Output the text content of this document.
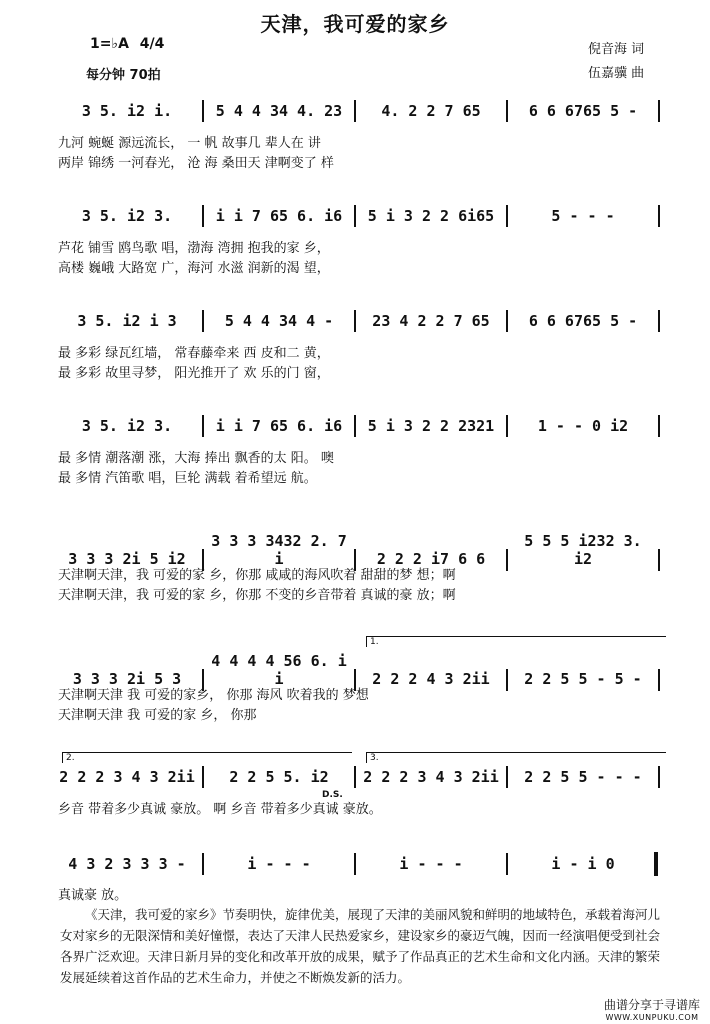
天津，我可爱的家乡
1=♭A 4/4
每分钟 70拍
倪音海 词
伍嘉骥 曲
3 5. i2 i.	5 4 4 34 4. 23	4. 2 2 7 65	6 6 6765 5 -
九河 蜿蜒 源远流长， 一 帆 故事几 辈人在 讲
两岸 锦绣 一河春光， 沧 海 桑田天 津啊变了 样
3 5. i2 3.	i i 7 65 6. i6 5 i 3 2 2 6i65	5 - - -
芦花 铺雪 鸥鸟歌 唱，渤海 湾拥 抱我的家 乡，
高楼 巍峨 大路宽 广，海河 水滋 润新的渴 望，
3 5. i2 i 3	5 4 4 34 4 -	23 4 2 2 7 65	6 6 6765 5 -
最 多彩 绿瓦红墙， 常春藤牵来 西 皮和二 黄，
最 多彩 故里寻梦， 阳光推开了 欢 乐的门 窗，
3 5. i2 3.	i i 7 65 6. i6 5 i 3 2 2 2321	1 - - 0 i2
最 多情 潮落潮 涨，大海 捧出 飘香的太 阳。 噢
最 多情 汽笛歌 唱，巨轮 满载 着希望远 航。
3 3 3 2i 5 i23 3 3 3432 2. 7 i	2 2 2 i7 6 65 5 5 i232 3. i2
天津啊天津，我 可爱的家 乡，你那 咸咸的海风吹着 甜甜的梦 想；啊
天津啊天津，我 可爱的家 乡，你那 不变的乡音带着 真诚的豪 放；啊
3 3 3 2i 5 34 4 4 4 56 6. i i	2 2 2 4 3 2ii 2 2 5 5 - 5 -
天津啊天津 我 可爱的家乡， 你那 海风 吹着我的 梦想
天津啊天津 我 可爱的家 乡， 你那
2 2 2 3 4 3 2ii 2 2 5 5. i2 2 2 2 3 4 3 2ii 2 2 5 5 - - -
乡音 带着多少真诚 豪放。 啊 乡音 带着多少真诚 豪放。
4 3 2 3 3 3 -	i - - -	i - - -	i - i 0
真诚豪 放。
1.
2.	3.
D.S.
《天津，我可爱的家乡》节奏明快，旋律优美，展现了天津的美丽风貌和鲜明的地域特色，承载着海河儿女对家乡的无限深情和美好憧憬，表达了天津人民热爱家乡，建设家乡的豪迈气魄，因而一经演唱便受到社会各界广泛欢迎。天津日新月异的变化和改革开放的成果，赋予了作品真正的艺术生命和文化内涵。天津的繁荣发展延续着这首作品的艺术生命力，并使之不断焕发新的活力。
曲谱分享于寻谱库
WWW.XUNPUKU.COM
